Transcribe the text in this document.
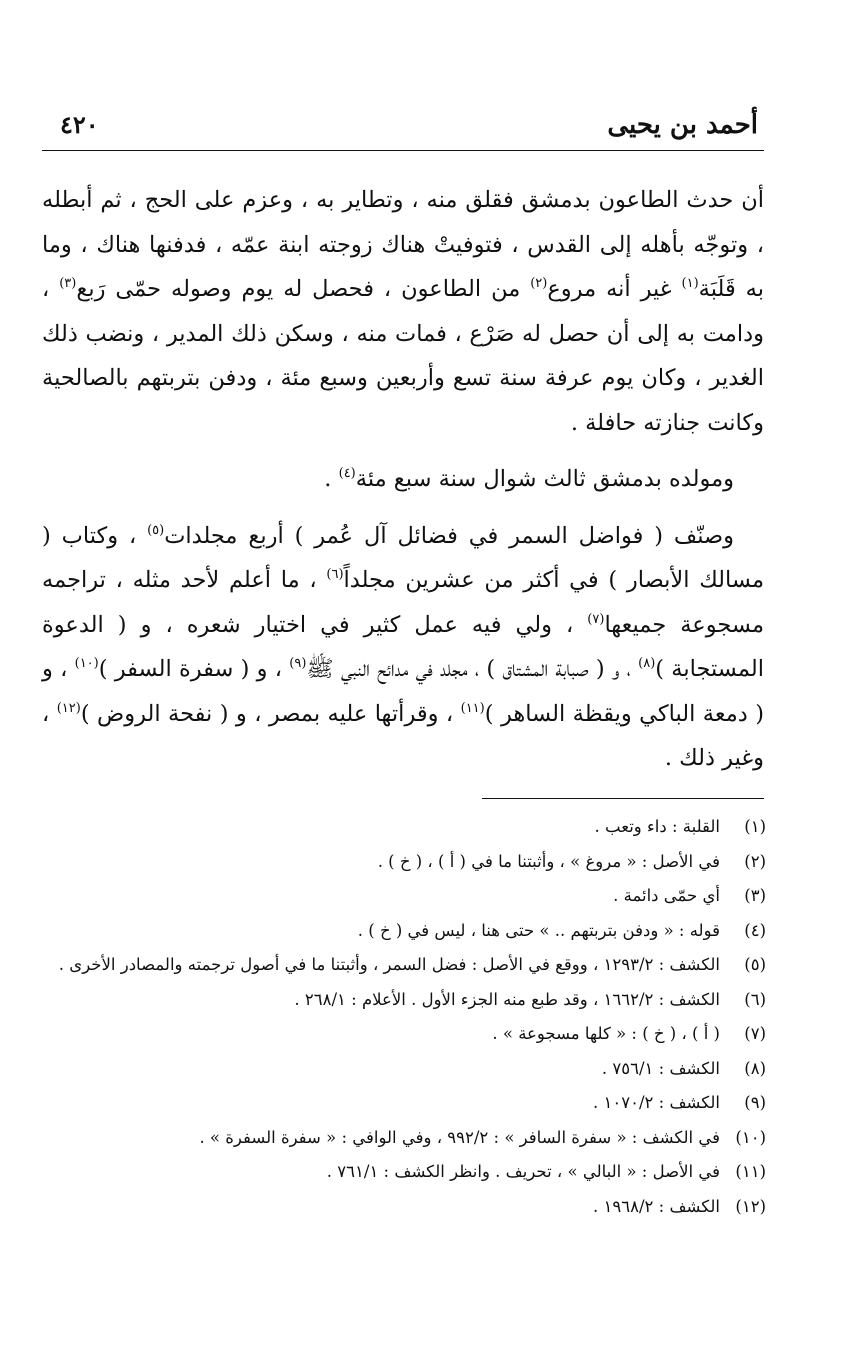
أحمد بن يحيى
٤٢٠

أن حدث الطاعون بدمشق فقلق منه ، وتطاير به ، وعزم على الحج ، ثم أبطله ، وتوجّه بأهله إلى القدس ، فتوفيتْ هناك زوجته ابنة عمّه ، فدفنها هناك ، وما به قَلَبَة$^{(١)}$ غير أنه مروع$^{(٢)}$ من الطاعون ، فحصل له يوم وصوله حمّى رَبع$^{(٣)}$ ، ودامت به إلى أن حصل له صَرْع ، فمات منه ، وسكن ذلك المدير ، ونضب ذلك الغدير ، وكان يوم عرفة سنة تسع وأربعين وسبع مئة ، ودفن بتربتهم بالصالحية وكانت جنازته حافلة .

ومولده بدمشق ثالث شوال سنة سبع مئة$^{(٤)}$ .

وصنّف ( فواضل السمر في فضائل آل عُمر ) أربع مجلدات$^{(٥)}$ ، وكتاب ( مسالك الأبصار ) في أكثر من عشرين مجلداً$^{(٦)}$ ، ما أعلم لأحد مثله ، تراجمه مسجوعة جميعها$^{(٧)}$ ، ولي فيه عمل كثير في اختيار شعره ، و ( الدعوة المستجابة )$^{(٨)}$ ، و ( صبابة المشتاق ) ، مجلد في مدائح النبي ﷺ$^{(٩)}$ ، و ( سفرة السفر )$^{(١٠)}$ ، و ( دمعة الباكي ويقظة الساهر )$^{(١١)}$ ، وقرأتها عليه بمصر ، و ( نفحة الروض )$^{(١٢)}$ ، وغير ذلك .

(١)
القلبة : داء وتعب .
(٢)
في الأصل : « مروغ » ، وأثبتنا ما في ( أ ) ، ( خ ) .
(٣)
أي حمّى دائمة .
(٤)
قوله : « ودفن بتربتهم .. » حتى هنا ، ليس في ( خ ) .
(٥)
الكشف : ١٢٩٣/٢ ، ووقع في الأصل : فضل السمر ، وأثبتنا ما في أصول ترجمته والمصادر الأخرى .
(٦)
الكشف : ١٦٦٢/٢ ، وقد طبع منه الجزء الأول . الأعلام : ٢٦٨/١ .
(٧)
( أ ) ، ( خ ) : « كلها مسجوعة » .
(٨)
الكشف : ٧٥٦/١ .
(٩)
الكشف : ١٠٧٠/٢ .
(١٠)
في الكشف : « سفرة السافر » : ٩٩٢/٢ ، وفي الوافي : « سفرة السفرة » .
(١١)
في الأصل : « البالي » ، تحريف . وانظر الكشف : ٧٦١/١ .
(١٢)
الكشف : ١٩٦٨/٢ .
